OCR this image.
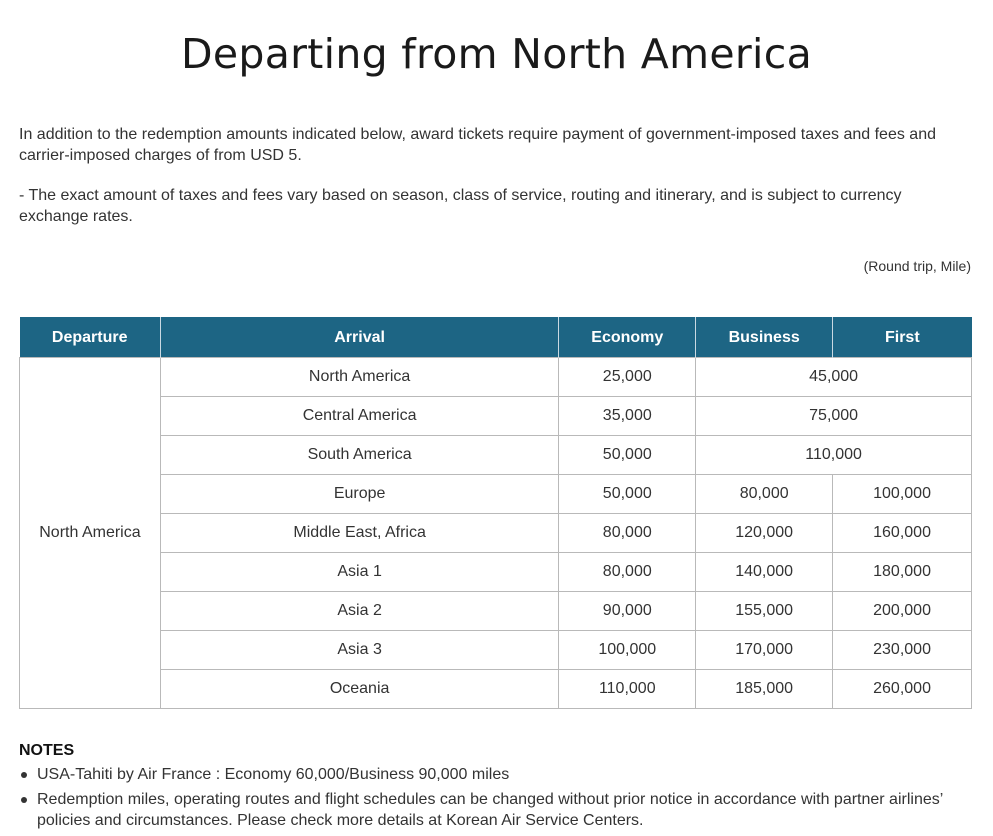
Departing from North America

In addition to the redemption amounts indicated below, award tickets require payment of government-imposed taxes and fees and carrier-imposed charges of from USD 5.

- The exact amount of taxes and fees vary based on season, class of service, routing and itinerary, and is subject to currency exchange rates.

(Round trip, Mile)
Departure	Arrival	Economy	Business	First
North America	North America	25,000	45,000	
	Central America	35,000	75,000	
	South America	50,000	110,000	
	Europe	50,000	80,000	100,000
	Middle East, Africa	80,000	120,000	160,000
	Asia 1	80,000	140,000	180,000
	Asia 2	90,000	155,000	200,000
	Asia 3	100,000	170,000	230,000
	Oceania	110,000	185,000	260,000
NOTES
USA-Tahiti by Air France : Economy 60,000/Business 90,000 miles
Redemption miles, operating routes and flight schedules can be changed without prior notice in accordance with partner airlines’ policies and circumstances. Please check more details at Korean Air Service Centers.
